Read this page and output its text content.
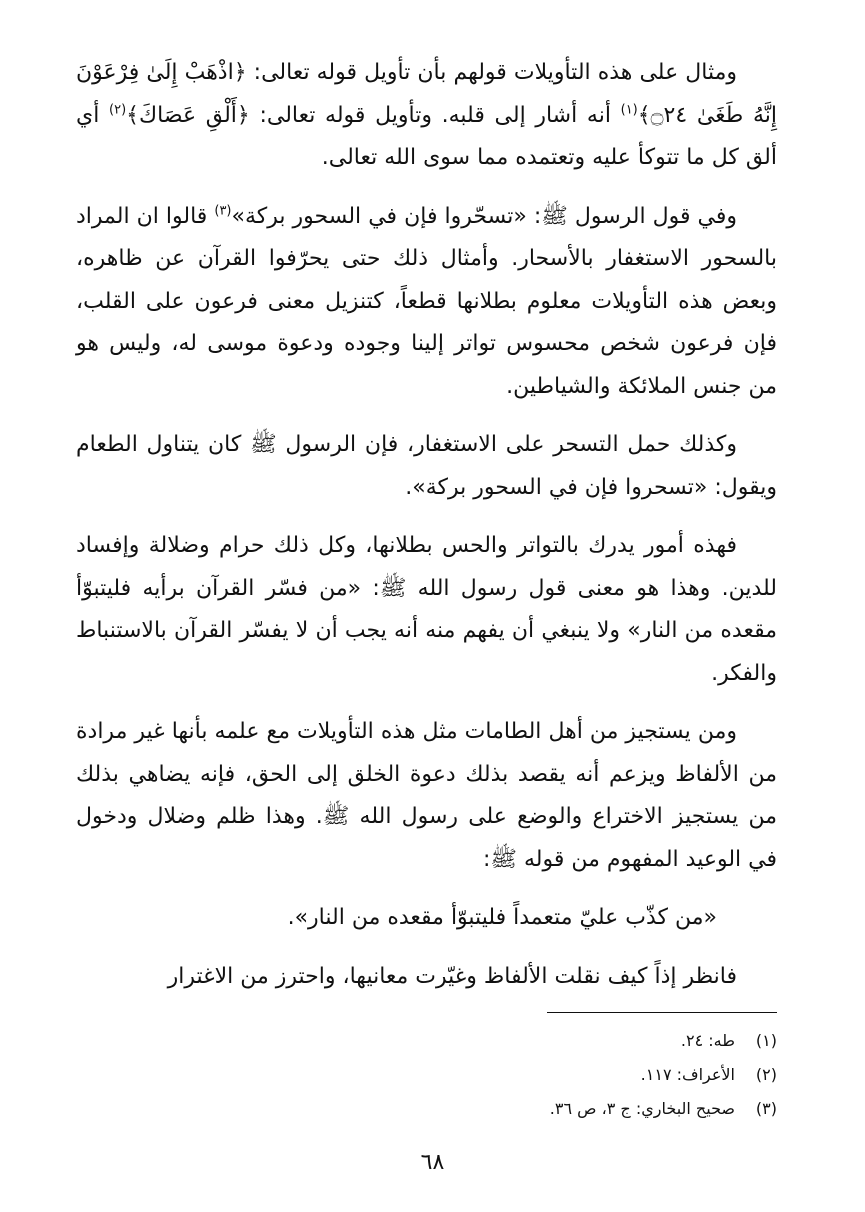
ومثال على هذه التأويلات قولهم بأن تأويل قوله تعالى: ﴿اذْهَبْ إِلَىٰ فِرْعَوْنَ إِنَّهُ طَغَىٰ ۝٢٤﴾$^{(١)}$ أنه أشار إلى قلبه. وتأويل قوله تعالى: ﴿أَلْقِ عَصَاكَ﴾$^{(٢)}$ أي ألق كل ما تتوكأ عليه وتعتمده مما سوى الله تعالى.

وفي قول الرسول ﷺ: «تسحّروا فإن في السحور بركة»$^{(٣)}$ قالوا ان المراد بالسحور الاستغفار بالأسحار. وأمثال ذلك حتى يحرّفوا القرآن عن ظاهره، وبعض هذه التأويلات معلوم بطلانها قطعاً، كتنزيل معنى فرعون على القلب، فإن فرعون شخص محسوس تواتر إلينا وجوده ودعوة موسى له، وليس هو من جنس الملائكة والشياطين.

وكذلك حمل التسحر على الاستغفار، فإن الرسول ﷺ كان يتناول الطعام ويقول: «تسحروا فإن في السحور بركة».

فهذه أمور يدرك بالتواتر والحس بطلانها، وكل ذلك حرام وضلالة وإفساد للدين. وهذا هو معنى قول رسول الله ﷺ: «من فسّر القرآن برأيه فليتبوّأ مقعده من النار» ولا ينبغي أن يفهم منه أنه يجب أن لا يفسّر القرآن بالاستنباط والفكر.

ومن يستجيز من أهل الطامات مثل هذه التأويلات مع علمه بأنها غير مرادة من الألفاظ ويزعم أنه يقصد بذلك دعوة الخلق إلى الحق، فإنه يضاهي بذلك من يستجيز الاختراع والوضع على رسول الله ﷺ. وهذا ظلم وضلال ودخول في الوعيد المفهوم من قوله ﷺ:

«من كذّب عليّ متعمداً فليتبوّأ مقعده من النار».

فانظر إذاً كيف نقلت الألفاظ وغيّرت معانيها، واحترز من الاغترار

(١)
طه: ٢٤.
(٢)
الأعراف: ١١٧.
(٣)
صحيح البخاري: ج ٣، ص ٣٦.
٦٨
